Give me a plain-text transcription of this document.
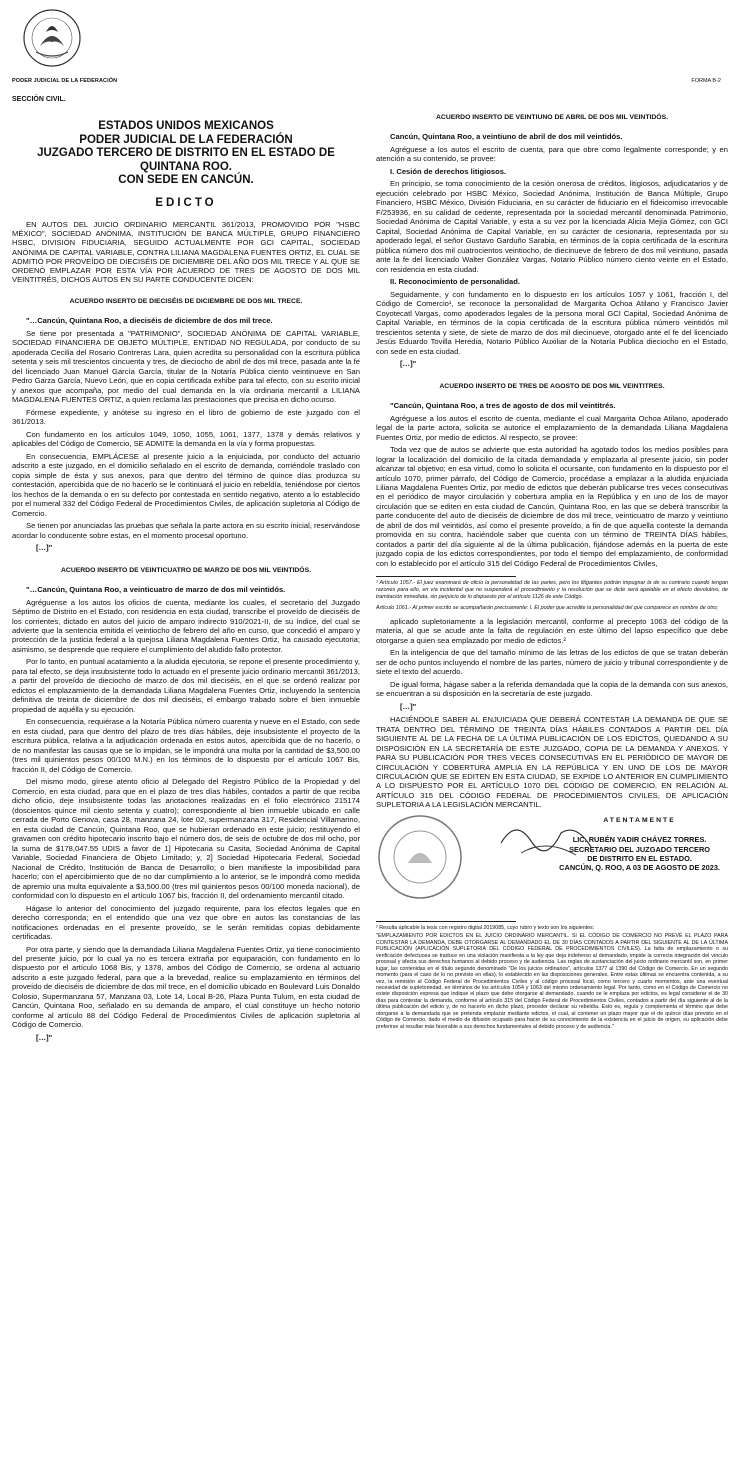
PODER JUDICIAL DE LA FEDERACIÓN	FORMA B-2
SECCIÓN CIVIL.
ESTADOS UNIDOS MEXICANOS
PODER JUDICIAL DE LA FEDERACIÓN
JUZGADO TERCERO DE DISTRITO EN EL ESTADO DE
QUINTANA ROO.
CON SEDE EN CANCÚN.
EDICTO

EN AUTOS DEL JUICIO ORDINARIO MERCANTIL 361/2013, PROMOVIDO POR "HSBC MÉXICO", SOCIEDAD ANÓNIMA, INSTITUCIÓN DE BANCA MÚLTIPLE, GRUPO FINANCIERO HSBC, DIVISIÓN FIDUCIARIA, SEGUIDO ACTUALMENTE POR GCI CAPITAL, SOCIEDAD ANÓNIMA DE CAPITAL VARIABLE, CONTRA LILIANA MAGDALENA FUENTES ORTIZ, EL CUAL SE ADMITIÓ POR PROVEÍDO DE DIECISÉIS DE DICIEMBRE DEL AÑO DOS MIL TRECE Y AL QUE SE ORDENÓ EMPLAZAR POR ESTA VÍA POR ACUERDO DE TRES DE AGOSTO DE DOS MIL VEINTITRÉS, DICHOS AUTOS EN SU PARTE CONDUCENTE DICEN:

ACUERDO INSERTO DE DIECISÉIS DE DICIEMBRE DE DOS MIL TRECE.

"…Cancún, Quintana Roo, a dieciséis de diciembre de dos mil trece.

Se tiene por presentada a "PATRIMONIO", SOCIEDAD ANÓNIMA DE CAPITAL VARIABLE, SOCIEDAD FINANCIERA DE OBJETO MÚLTIPLE, ENTIDAD NO REGULADA, por conducto de su apoderada Cecilia del Rosario Contreras Lara, quien acredita su personalidad con la escritura pública setenta y seis mil trescientos cincuenta y tres, de dieciocho de abril de dos mil trece, pasada ante la fe del licenciado Juan Manuel García García, titular de la Notaría Pública ciento veintinueve en San Pedro Garza García, Nuevo León, que en copia certificada exhibe para tal efecto, con su escrito inicial y anexos que acompaña, por medio del cual demanda en la vía ordinaria mercantil a LILIANA MAGDALENA FUENTES ÓRTIZ, a quien reclama las prestaciones que precisa en dicho ocurso.

Fórmese expediente, y anótese su ingreso en el libro de gobierno de este juzgado con el 361/2013.

Con fundamento en los artículos 1049, 1050, 1055, 1061, 1377, 1378 y demás relativos y aplicables del Código de Comercio, SE ADMITE la demanda en la vía y forma propuestas.

En consecuencia, EMPLÁCESE al presente juicio a la enjuiciada, por conducto del actuario adscrito a este juzgado, en el domicilio señalado en el escrito de demanda, corriéndole traslado con copia simple de ésta y sus anexos, para que dentro del término de quince días produzca su contestación, apercibida que de no hacerlo se le continuará el juicio en rebeldía, teniéndose por ciertos los hechos de la demanda o en su defecto por contestada en sentido negativo, atento a lo establecido por el numeral 332 del Código Federal de Procedimientos Civiles, de aplicación supletoria al Código de Comercio.

Se tienen por anunciadas las pruebas que señala la parte actora en su escrito inicial, reservándose acordar lo conducente sobre estas, en el momento procesal oportuno.

[…]"
ACUERDO INSERTO DE VEINTICUATRO DE MARZO DE DOS MIL VEINTIDÓS.

"…Cancún, Quintana Roo, a veinticuatro de marzo de dos mil veintidós.

Agréguense a los autos los oficios de cuenta, mediante los cuales, el secretario del Juzgado Séptimo de Distrito en el Estado, con residencia en esta ciudad, transcribe el proveído de dieciséis de los corrientes, dictado en autos del juicio de amparo indirecto 910/2021-II, de su índice, del cual se advierte que la sentencia emitida el veintiocho de febrero del año en curso, que concedió el amparo y protección de la justicia federal a la quejosa Liliana Magdalena Fuentes Ortiz, ha causado ejecutoria; asimismo, se desprende que requiere el cumplimiento del aludido fallo protector.

Por lo tanto, en puntual acatamiento a la aludida ejecutoria, se repone el presente procedimiento y, para tal efecto, se deja insubsistente todo lo actuado en el presente juicio ordinario mercantil 361/2013, a partir del proveído de dieciocho de marzo de dos mil dieciséis, en el que se ordenó realizar por edictos el emplazamiento de la demandada Liliana Magdalena Fuentes Ortiz, incluyendo la sentencia definitiva de treinta de diciembre de dos mil dieciséis, el embargo trabado sobre el bien inmueble propiedad de aquélla y su ejecución.

En consecuencia, requiérase a la Notaría Pública número cuarenta y nueve en el Estado, con sede en esta ciudad, para que dentro del plazo de tres días hábiles, deje insubsistente el proyecto de la escritura pública, relativa a la adjudicación ordenada en estos autos, apercibida que de no hacerlo, o de no manifestar las causas que se lo impidan, se le impondrá una multa por la cantidad de $3,500.00 (tres mil quinientos pesos 00/100 M.N.) en los términos de lo dispuesto por el artículo 1067 Bis, fracción II, del Código de Comercio.

Del mismo modo, gírese atento oficio al Delegado del Registro Público de la Propiedad y del Comercio, en esta ciudad, para que en el plazo de tres días hábiles, contados a partir de que reciba dicho oficio, deje insubsistente todas las anotaciones realizadas en el folio electrónico 215174 (doscientos quince mil ciento setenta y cuatro); correspondiente al bien inmueble ubicado en calle cerrada de Porto Genova, casa 28, manzana 24, lote 02, supermanzana 317, Residencial Villamarino, en esta ciudad de Cancún, Quintana Roo, que se hubieran ordenado en este juicio; restituyendo el gravamen con crédito hipotecario inscrito bajo el número dos, de seis de octubre de dos mil ocho, por la suma de $178,047.55 UDIS a favor de 1] Hipotecaria su Casita, Sociedad Anónima de Capital Variable, Sociedad Financiera de Objeto Limitado; y, 2] Sociedad Hipotecaria Federal, Sociedad Nacional de Crédito, Institución de Banca de Desarrollo; o bien manifieste la imposibilidad para hacerlo; con el apercibimiento que de no dar cumplimiento a lo anterior, se le impondrá como medida de apremio una multa equivalente a $3,500.00 (tres mil quinientos pesos 00/100 moneda nacional), de conformidad con lo dispuesto en el artículo 1067 bis, fracción II, del ordenamiento mercantil citado.

Hágase lo anterior del conocimiento del juzgado requirente, para los efectos legales que en derecho corresponda; en el entendido que una vez que obre en autos las constancias de las notificaciones ordenadas en el presente proveído, se le serán remitidas copias debidamente certificadas.

Por otra parte, y siendo que la demandada Liliana Magdalena Fuentes Ortiz, ya tiene conocimiento del presente juicio, por lo cual ya no es tercera extraña por equiparación, con fundamento en lo dispuesto por el artículo 1068 Bis, y 1378, ambos del Código de Comercio, se ordena al actuario adscrito a este juzgado federal, para que a la brevedad, realice su emplazamiento en términos del proveído de dieciséis de diciembre de dos mil trece, en el domicilio ubicado en Boulevard Luis Donaldo Colosio, Supermanzana 57, Manzana 03, Lote 14, Local B-26, Plaza Punta Tulum, en esta ciudad de Cancún, Quintana Roo, señalado en su demanda de amparo, el cual constituye un hecho notorio conforme al artículo 88 del Código Federal de Procedimientos Civiles de aplicación supletoria al Código de Comercio.

[…]"
ACUERDO INSERTO DE VEINTIUNO DE ABRIL DE DOS MIL VEINTIDÓS.

Cancún, Quintana Roo, a veintiuno de abril de dos mil veintidós.

Agréguese a los autos el escrito de cuenta, para que obre como legalmente corresponde; y en atención a su contenido, se provee:

I. Cesión de derechos litigiosos.

En principio, se toma conocimiento de la cesión onerosa de créditos, litigiosos, adjudicatarios y de ejecución celebrado por HSBC México, Sociedad Anónima, Institución de Banca Múltiple, Grupo Financiero, HSBC México, División Fiduciaria, en su carácter de fiduciario en el fideicomiso irrevocable F/253936, en su calidad de cedente, representada por la sociedad mercantil denominada Patrimonio, Sociedad Anónima de Capital Variable, y esta a su vez por la licenciada Alicia Mejía Gómez, con GCI Capital, Sociedad Anónima de Capital Variable, en su carácter de cesionaria, representada por su apoderado legal, el señor Gustavo Garduño Sarabia, en términos de la copia certificada de la escritura pública número dos mil cuatrocientos veintiocho, de diecinueve de febrero de dos mil veintiuno, pasada ante la fe del licenciado Walter González Vargas, Notario Público número ciento veinte en el Estado, con residencia en esta ciudad.

II. Reconocimiento de personalidad.

Seguidamente, y con fundamento en lo dispuesto en los artículos 1057 y 1061, fracción I, del Código de Comercio¹, se reconoce la personalidad de Margarita Ochoa Atilano y Francisco Javier Coyotecatl Vargas, como apoderados legales de la persona moral GCI Capital, Sociedad Anónima de Capital Variable, en términos de la copia certificada de la escritura pública número veintidós mil trescientos setenta y siete, de siete de marzo de dos mil diecinueve, otorgado ante el fe del licenciado Jesús Eduardo Tovilla Heredia, Notario Público Auxiliar de la Notaría Publica dieciocho en el Estado, con sede en esta ciudad.

[…]"
ACUERDO INSERTO DE TRES DE AGOSTO DE DOS MIL VEINTITRES.

"Cancún, Quintana Roo, a tres de agosto de dos mil veintitrés.

Agréguese a los autos el escrito de cuenta, mediante el cual Margarita Ochoa Atilano, apoderado legal de la parte actora, solicita se autorice el emplazamiento de la demandada Liliana Magdalena Fuentes Ortiz, por medio de edictos. Al respecto, se provee:

Toda vez que de autos se advierte que esta autoridad ha agotado todos los medios posibles para lograr la localización del domicilio de la citada demandada y emplazarla al presente juicio, sin poder alcanzar tal objetivo; en esa virtud, como lo solicita el ocursante, con fundamento en lo dispuesto por el artículo 1070, primer párrafo, del Código de Comercio, procédase a emplazar a la aludida enjuiciada Liliana Magdalena Fuentes Ortiz, por medio de edictos que deberán publicarse tres veces consecutivas en el periódico de mayor circulación y cobertura amplia en la República y en uno de los de mayor circulación que se editen en esta ciudad de Cancún, Quintana Roo, en las que se deberá transcribir la parte conducente del auto de dieciséis de diciembre de dos mil trece, veinticuatro de marzo y veintiuno de abril de dos mil veintidós, así como el presente proveído, a fin de que aquella conteste la demanda promovida en su contra, haciéndole saber que cuenta con un término de TREINTA DÍAS hábiles, contados a partir del día siguiente al de la última publicación, fijándose además en la puerta de este juzgado copia de los edictos correspondientes, por todo el tiempo del emplazamiento, de conformidad con lo establecido por el artículo 315 del Código Federal de Procedimientos Civiles,

¹ Artículo 1057.- El juez examinará de oficio la personalidad de las partes, pero los litigantes podrán impugnar la de su contrario cuando tengan razones para ello, en vía incidental que no suspenderá el procedimiento y la resolución que se dicte será apelable en el efecto devolutivo, de tramitación inmediata, sin perjuicio de lo dispuesto por el artículo 1126 de este Código.

Artículo 1061.- Al primer escrito se acompañarán precisamente: I. El poder que acredite la personalidad del que comparece en nombre de otro;

aplicado supletoriamente a la legislación mercantil, conforme al precepto 1063 del código de la materia, al que se acude ante la falta de regulación en este último del lapso específico que debe otorgarse a quien sea emplazado por medio de edictos.²

En la inteligencia de que del tamaño mínimo de las letras de los edictos de que se tratan deberán ser de ocho puntos incluyendo el nombre de las partes, número de juicio y tribunal correspondiente y de siete el texto del acuerdo.

De igual forma, hágase saber a la referida demandada que la copia de la demanda con sus anexos, se encuentran a su disposición en la secretaría de este juzgado.

[…]"

HACIÉNDOLE SABER AL ENJUICIADA QUE DEBERÁ CONTESTAR LA DEMANDA DE QUE SE TRATA DENTRO DEL TÉRMINO DE TREINTA DÍAS HÁBILES CONTADOS A PARTIR DEL DÍA SIGUIENTE AL DE LA FECHA DE LA ÚLTIMA PUBLICACIÓN DE LOS EDICTOS, QUEDANDO A SU DISPOSICIÓN EN LA SECRETARÍA DE ESTE JUZGADO, COPIA DE LA DEMANDA Y ANEXOS. Y PARA SU PUBLICACIÓN POR TRES VECES CONSECUTIVAS EN EL PERIÓDICO DE MAYOR DE CIRCULACIÓN Y COBERTURA AMPLIA EN LA REPÚBLICA Y EN UNO DE LOS DE MAYOR CIRCULACIÓN QUE SE EDITEN EN ESTA CIUDAD, SE EXPIDE LO ANTERIOR EN CUMPLIMIENTO A LO DISPUESTO POR EL ARTÍCULO 1070 DEL CÓDIGO DE COMERCIO, EN RELACIÓN AL ARTÍCULO 315 DEL CÓDIGO FEDERAL DE PROCEDIMIENTOS CIVILES, DE APLICACIÓN SUPLETORIA A LA LEGISLACIÓN MERCANTIL.

ATENTAMENTE
LIC. RUBÉN YADIR CHÁVEZ TORRES.
SECRETARIO DEL JUZGADO TERCERO
DE DISTRITO EN EL ESTADO.
CANCÚN, Q. ROO, A 03 DE AGOSTO DE 2023.

² Resulta aplicable la tesis con registro digital 2019085, cuyo rubro y texto son los siguientes:

"EMPLAZAMIENTO POR EDICTOS EN EL JUICIO ORDINARIO MERCANTIL. SI EL CÓDIGO DE COMERCIO NO PREVÉ EL PLAZO PARA CONTESTAR LA DEMANDA, DEBE OTORGARSE AL DEMANDADO EL DE 30 DÍAS CONTADOS A PARTIR DEL SIGUIENTE AL DE LA ÚLTIMA PUBLICACIÓN (APLICACIÓN SUPLETORIA DEL CÓDIGO FEDERAL DE PROCEDIMIENTOS CIVILES). La falta de emplazamiento o su verificación defectuosa se traduce en una violación manifiesta a la ley que deja indefenso al demandado, impide la correcta integración del vínculo procesal y afecta sus derechos humanos al debido proceso y de audiencia. Las reglas de sustanciación del juicio ordinario mercantil son, en primer lugar, las contenidas en el título segundo denominado "De los juicios ordinarios", artículos 1377 al 1390 del Código de Comercio. En un segundo momento (para el caso de lo no previsto en ellas), lo establecido en las disposiciones generales. Entre estas últimas se encuentra contenida, a su vez, la remisión al Código Federal de Procedimientos Civiles y al código procesal local, como tercero y cuarto momentos, ante una eventual necesidad de supletoriedad, en términos de los artículos 1054 y 1063 del mismo ordenamiento legal. Por tanto, como en el Código de Comercio no existe disposición expresa que indique el plazo que debe otorgarse al demandado, cuando se le emplaza por edictos, es legal considerar el de 30 días para contestar la demanda, conforme al artículo 315 del Código Federal de Procedimientos Civiles, contados a partir del día siguiente al de la última publicación del edicto y, de no hacerlo en dicho plazo, proceder declarar su rebeldía. Esto es, regula y complementa el término que debe otorgarse a la demandada que se pretenda emplazar mediante edictos, el cual, al contener un plazo mayor que el de quince días previsto en el Código de Comercio, dado el medio de difusión ocupado para hacer de su conocimiento de la existencia en el juicio de origen, su aplicación debe preferirse al resultar más favorable a sus derechos fundamentales al debido proceso y de audiencia."
